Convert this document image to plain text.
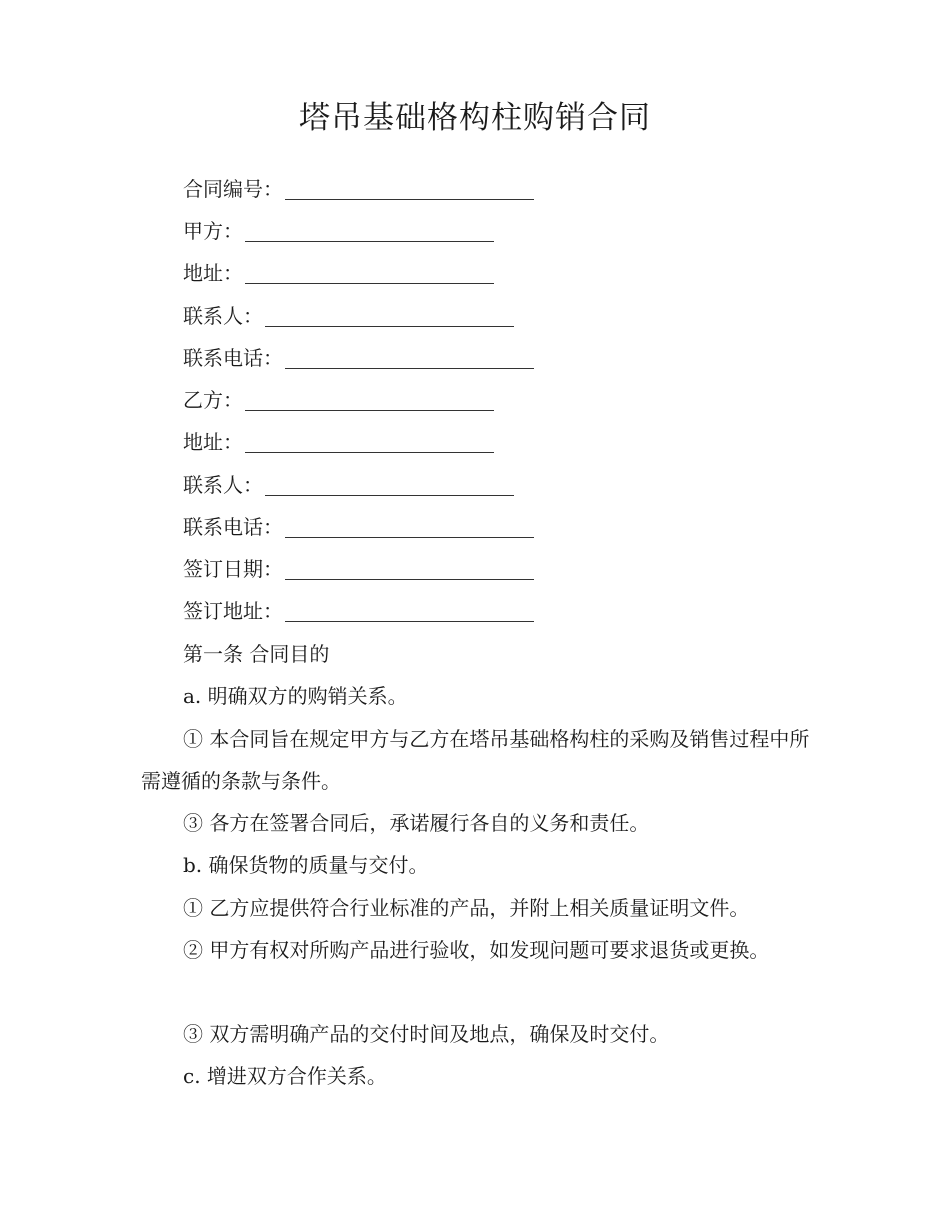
塔吊基础格构柱购销合同
合同编号：
甲方：
地址：
联系人：
联系电话：
乙方：
地址：
联系人：
联系电话：
签订日期：
签订地址：
第一条 合同目的
a. 明确双方的购销关系。
① 本合同旨在规定甲方与乙方在塔吊基础格构柱的采购及销售过程中所需遵循的条款与条件。
③ 各方在签署合同后，承诺履行各自的义务和责任。
b. 确保货物的质量与交付。
① 乙方应提供符合行业标准的产品，并附上相关质量证明文件。
② 甲方有权对所购产品进行验收，如发现问题可要求退货或更换。
③ 双方需明确产品的交付时间及地点，确保及时交付。
c. 增进双方合作关系。
